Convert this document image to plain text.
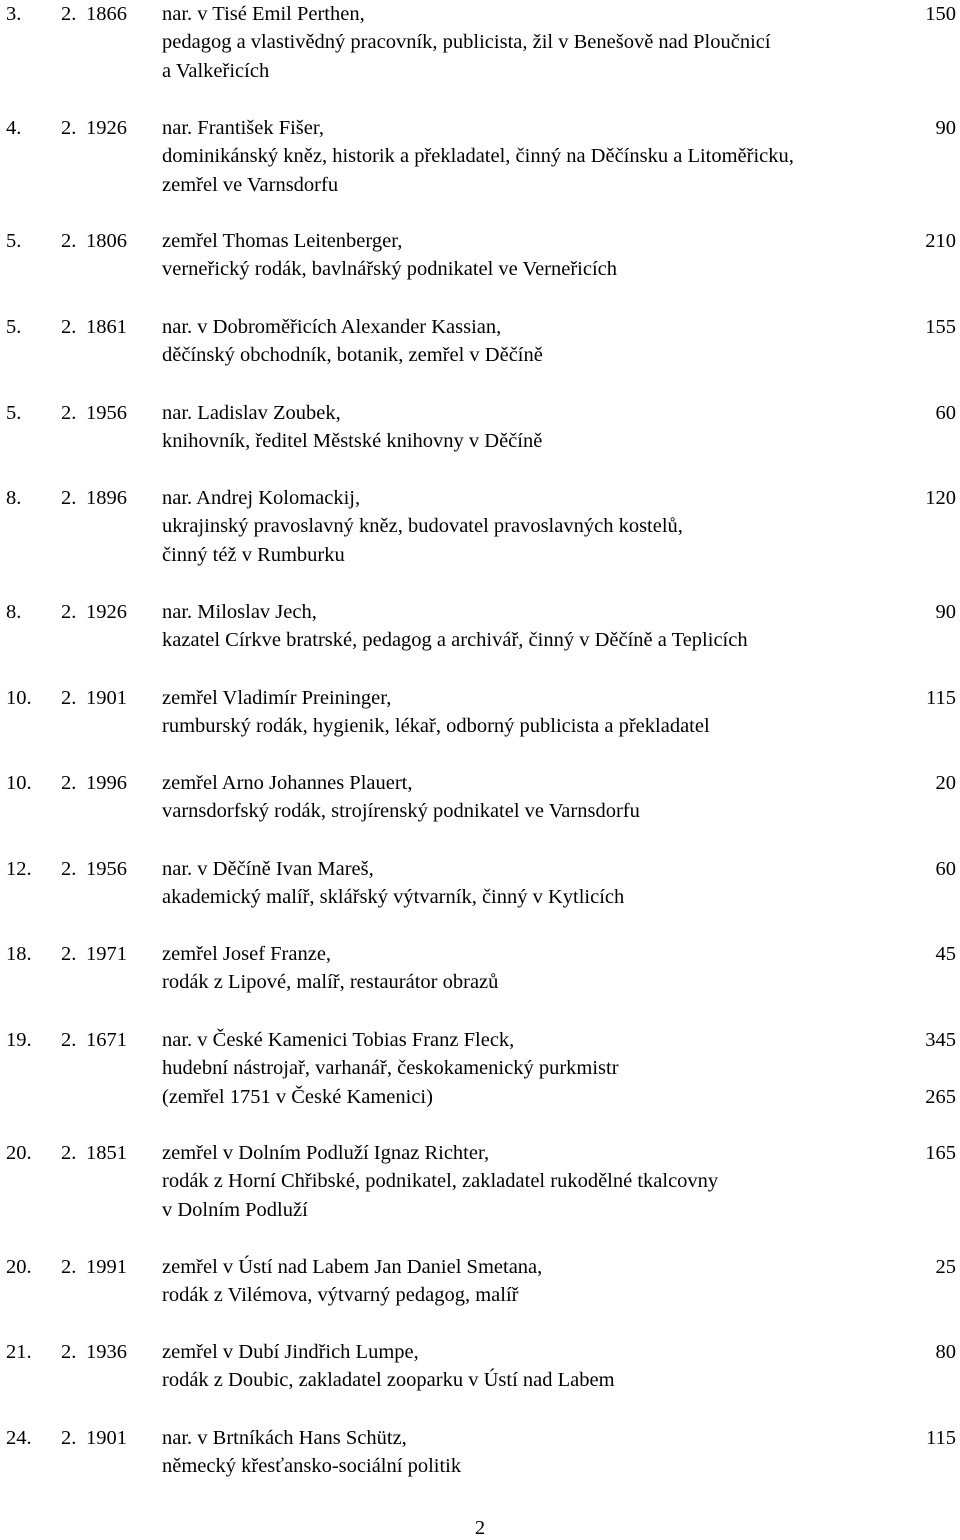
3.	2. 1866	nar. v Tisé Emil Perthen,	150
pedagog a vlastivědný pracovník, publicista, žil v Benešově nad Ploučnicí
a Valkeřicích
4.	2. 1926	nar. František Fišer,	90
dominikánský kněz, historik a překladatel, činný na Děčínsku a Litoměřicku,
zemřel ve Varnsdorfu
5.	2. 1806	zemřel Thomas Leitenberger,	210
verneřický rodák, bavlnářský podnikatel ve Verneřicích
5.	2. 1861	nar. v Dobroměřicích Alexander Kassian,	155
děčínský obchodník, botanik, zemřel v Děčíně
5.	2. 1956	nar. Ladislav Zoubek,	60
knihovník, ředitel Městské knihovny v Děčíně
8.	2. 1896	nar. Andrej Kolomackij,	120
ukrajinský pravoslavný kněz, budovatel pravoslavných kostelů,
činný též v Rumburku
8.	2. 1926	nar. Miloslav Jech,	90
kazatel Církve bratrské, pedagog a archivář, činný v Děčíně a Teplicích
10.	2. 1901	zemřel Vladimír Preininger,	115
rumburský rodák, hygienik, lékař, odborný publicista a překladatel
10.	2. 1996	zemřel Arno Johannes Plauert,	20
varnsdorfský rodák, strojírenský podnikatel ve Varnsdorfu
12.	2. 1956	nar. v Děčíně Ivan Mareš,	60
akademický malíř, sklářský výtvarník, činný v Kytlicích
18.	2. 1971	zemřel Josef Franze,	45
rodák z Lipové, malíř, restaurátor obrazů
19.	2. 1671	nar. v České Kamenici Tobias Franz Fleck,	345
hudební nástrojař, varhanář, českokamenický purkmistr
(zemřel 1751 v České Kamenici)	265
20.	2. 1851	zemřel v Dolním Podluží Ignaz Richter,	165
rodák z Horní Chřibské, podnikatel, zakladatel rukodělné tkalcovny
v Dolním Podluží
20.	2. 1991	zemřel v Ústí nad Labem Jan Daniel Smetana,	25
rodák z Vilémova, výtvarný pedagog, malíř
21.	2. 1936	zemřel v Dubí Jindřich Lumpe,	80
rodák z Doubic, zakladatel zooparku v Ústí nad Labem
24.	2. 1901	nar. v Brtníkách Hans Schütz,	115
německý křesťansko-sociální politik
2
